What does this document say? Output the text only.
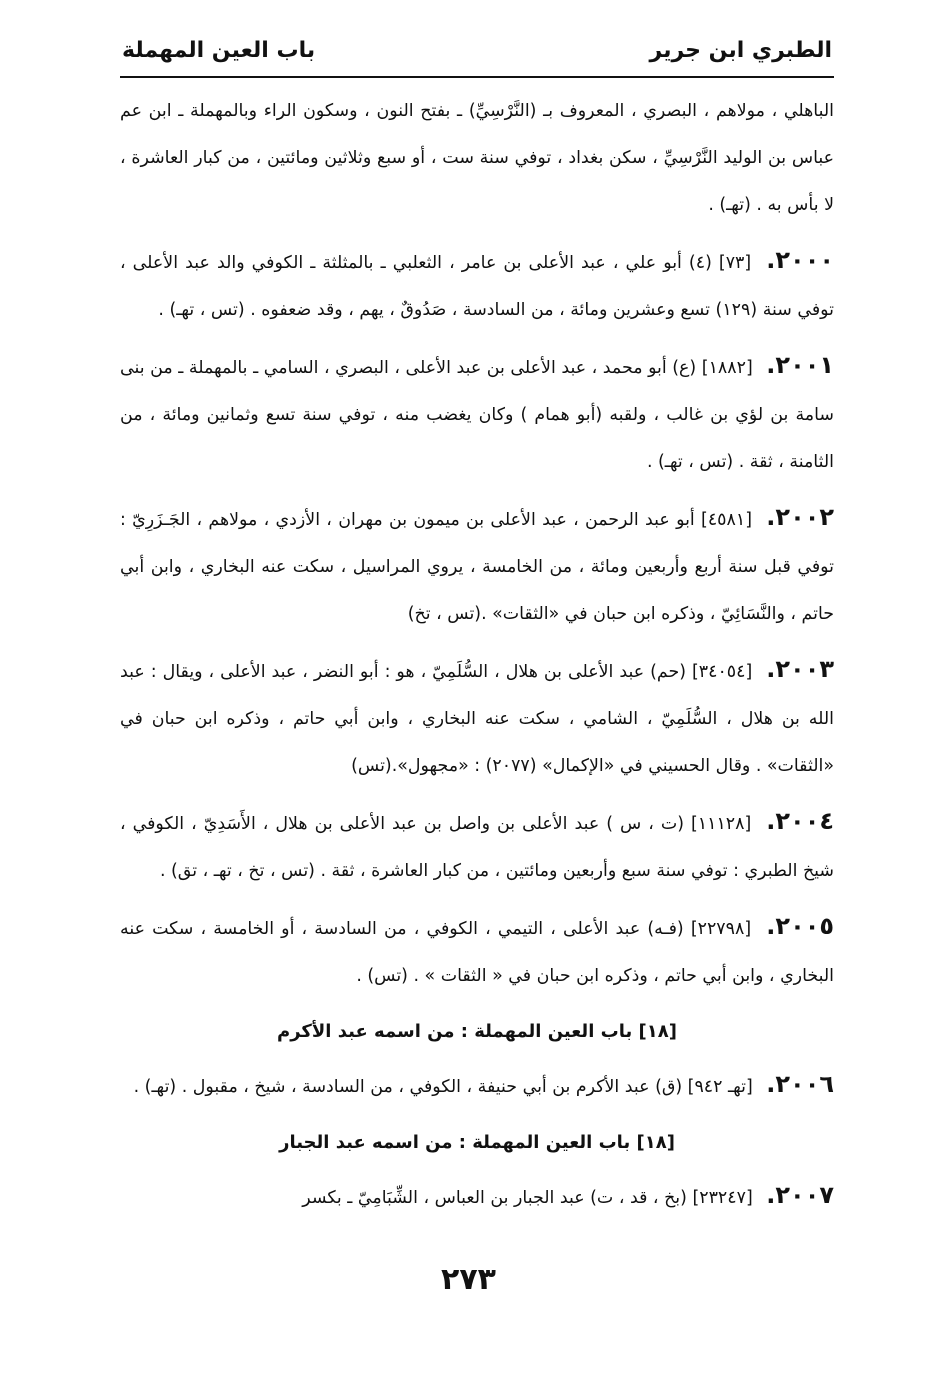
الطبري ابن جرير
باب العين المهملة

الباهلي ، مولاهم ، البصري ، المعروف بـ (النَّرْسِيِّ) ـ بفتح النون ، وسكون الراء وبالمهملة ـ ابن عم عباس بن الوليد النَّرْسِيِّ ، سكن بغداد ، توفي سنة ست ، أو سبع وثلاثين ومائتين ، من كبار العاشرة ، لا بأس به . (تهـ) .

٢٠٠٠. [٧٣] (٤) أبو علي ، عبد الأعلى بن عامر ، الثعلبي ـ بالمثلثة ـ الكوفي والد عبد الأعلى ، توفي سنة (١٢٩) تسع وعشرين ومائة ، من السادسة ، صَدُوقٌ ، يهم ، وقد ضعفوه . (تس ، تهـ) .

٢٠٠١. [١٨٨٢] (ع) أبو محمد ، عبد الأعلى بن عبد الأعلى ، البصري ، السامي ـ بالمهملة ـ من بنى سامة بن لؤي بن غالب ، ولقبه (أبو همام ) وكان يغضب منه ، توفي سنة تسع وثمانين ومائة ، من الثامنة ، ثقة . (تس ، تهـ) .

٢٠٠٢. [٤٥٨١] أبو عبد الرحمن ، عبد الأعلى بن ميمون بن مهران ، الأزدي ، مولاهم ، الجَـزَرِيّ : توفي قبل سنة أربع وأربعين ومائة ، من الخامسة ، يروي المراسيل ، سكت عنه البخاري ، وابن أبي حاتم ، والنَّسَائِيّ ، وذكره ابن حبان في «الثقات» .(تس ، تخ)

٢٠٠٣. [٣٤٠٥٤] (حم) عبد الأعلى بن هلال ، السُّلَمِيّ ، هو : أبو النضر ، عبد الأعلى ، ويقال : عبد الله بن هلال ، السُّلَمِيّ ، الشامي ، سكت عنه البخاري ، وابن أبي حاتم ، وذكره ابن حبان في «الثقات» . وقال الحسيني في «الإكمال» (٢٠٧٧) : «مجهول».(تس)

٢٠٠٤. [١١١٢٨] (ت ، س ) عبد الأعلى بن واصل بن عبد الأعلى بن هلال ، الأَسَدِيّ ، الكوفي ، شيخ الطبري : توفي سنة سبع وأربعين ومائتين ، من كبار العاشرة ، ثقة . (تس ، تخ ، تهـ ، تق) .

٢٠٠٥. [٢٢٧٩٨] (فـه) عبد الأعلى ، التيمي ، الكوفي ، من السادسة ، أو الخامسة ، سكت عنه البخاري ، وابن أبي حاتم ، وذكره ابن حبان في « الثقات » . (تس) .

[١٨] باب العين المهملة : من اسمه عبد الأكرم

٢٠٠٦. [تهـ ٩٤٢] (ق) عبد الأكرم بن أبي حنيفة ، الكوفي ، من السادسة ، شيخ ، مقبول . (تهـ) .

[١٨] باب العين المهملة : من اسمه عبد الجبار

٢٠٠٧. [٢٣٢٤٧] (بخ ، قد ، ت) عبد الجبار بن العباس ، الشِّبَامِيّ ـ بكسر

٢٧٣
